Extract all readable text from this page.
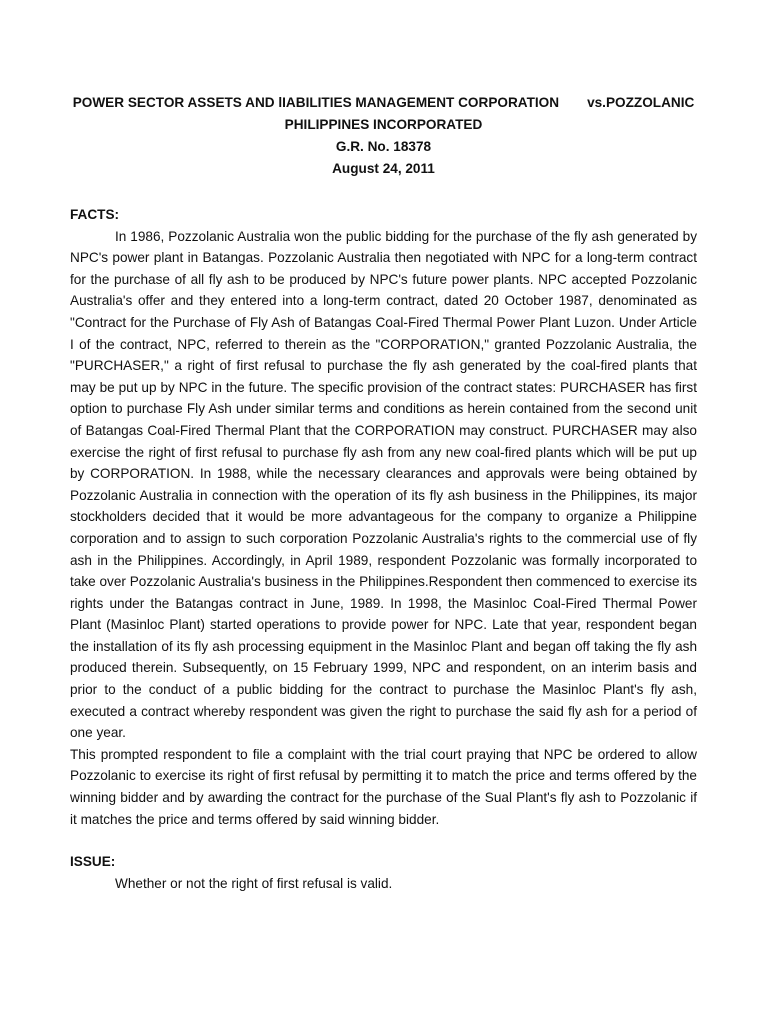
POWER SECTOR ASSETS AND lIABILITIES MANAGEMENT CORPORATION vs.POZZOLANIC
PHILIPPINES INCORPORATED
G.R. No. 18378
August 24, 2011
FACTS:

In 1986, Pozzolanic Australia won the public bidding for the purchase of the fly ash generated by NPC's power plant in Batangas. Pozzolanic Australia then negotiated with NPC for a long-term contract for the purchase of all fly ash to be produced by NPC's future power plants. NPC accepted Pozzolanic Australia's offer and they entered into a long-term contract, dated 20 October 1987, denominated as "Contract for the Purchase of Fly Ash of Batangas Coal-Fired Thermal Power Plant Luzon. Under Article I of the contract, NPC, referred to therein as the "CORPORATION," granted Pozzolanic Australia, the "PURCHASER," a right of first refusal to purchase the fly ash generated by the coal-fired plants that may be put up by NPC in the future. The specific provision of the contract states: PURCHASER has first option to purchase Fly Ash under similar terms and conditions as herein contained from the second unit of Batangas Coal-Fired Thermal Plant that the CORPORATION may construct. PURCHASER may also exercise the right of first refusal to purchase fly ash from any new coal-fired plants which will be put up by CORPORATION. In 1988, while the necessary clearances and approvals were being obtained by Pozzolanic Australia in connection with the operation of its fly ash business in the Philippines, its major stockholders decided that it would be more advantageous for the company to organize a Philippine corporation and to assign to such corporation Pozzolanic Australia's rights to the commercial use of fly ash in the Philippines. Accordingly, in April 1989, respondent Pozzolanic was formally incorporated to take over Pozzolanic Australia's business in the Philippines.Respondent then commenced to exercise its rights under the Batangas contract in June, 1989. In 1998, the Masinloc Coal-Fired Thermal Power Plant (Masinloc Plant) started operations to provide power for NPC. Late that year, respondent began the installation of its fly ash processing equipment in the Masinloc Plant and began off taking the fly ash produced therein. Subsequently, on 15 February 1999, NPC and respondent, on an interim basis and prior to the conduct of a public bidding for the contract to purchase the Masinloc Plant's fly ash, executed a contract whereby respondent was given the right to purchase the said fly ash for a period of one year.

This prompted respondent to file a complaint with the trial court praying that NPC be ordered to allow Pozzolanic to exercise its right of first refusal by permitting it to match the price and terms offered by the winning bidder and by awarding the contract for the purchase of the Sual Plant's fly ash to Pozzolanic if it matches the price and terms offered by said winning bidder.

ISSUE:

Whether or not the right of first refusal is valid.
